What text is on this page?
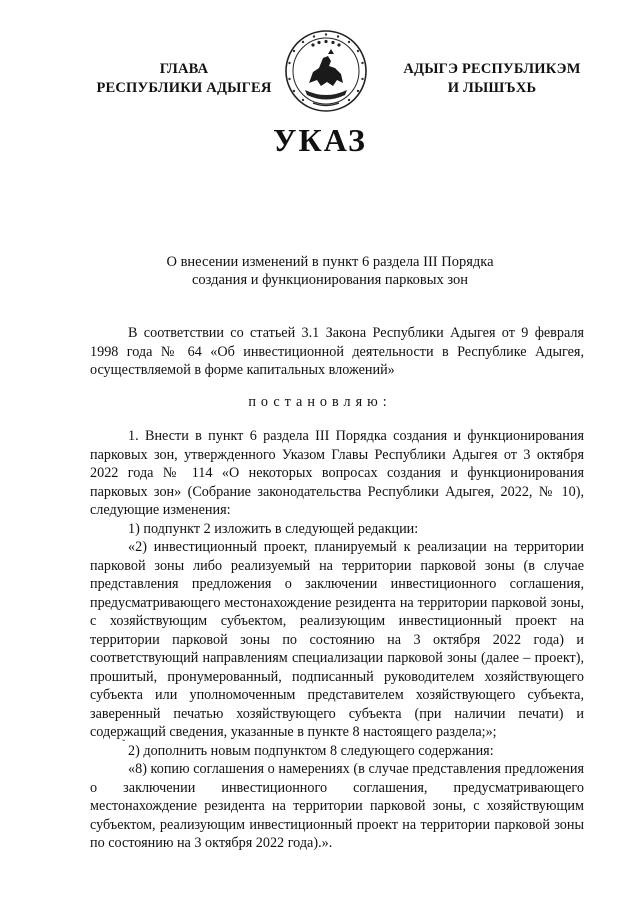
ГЛАВА
РЕСПУБЛИКИ АДЫГЕЯ
АДЫГЭ РЕСПУБЛИКЭМ
И ЛЫШЪХЬ
УКАЗ
О внесении изменений в пункт 6 раздела III Порядка
создания и функционирования парковых зон

В соответствии со статьей 3.1 Закона Республики Адыгея от 9 февраля 1998 года № 64 «Об инвестиционной деятельности в Республике Адыгея, осуществляемой в форме капитальных вложений»

постановляю:

1. Внести в пункт 6 раздела III Порядка создания и функционирования парковых зон, утвержденного Указом Главы Республики Адыгея от 3 октября 2022 года № 114 «О некоторых вопросах создания и функционирования парковых зон» (Собрание законодательства Республики Адыгея, 2022, № 10), следующие изменения:

1) подпункт 2 изложить в следующей редакции:

«2) инвестиционный проект, планируемый к реализации на территории парковой зоны либо реализуемый на территории парковой зоны (в случае представления предложения о заключении инвестиционного соглашения, предусматривающего местонахождение резидента на территории парковой зоны, с хозяйствующим субъектом, реализующим инвестиционный проект на территории парковой зоны по состоянию на 3 октября 2022 года) и соответствующий направлениям специализации парковой зоны (далее – проект), прошитый, пронумерованный, подписанный руководителем хозяйствующего субъекта или уполномоченным представителем хозяйствующего субъекта, заверенный печатью хозяйствующего субъекта (при наличии печати) и содержащий сведения, указанные в пункте 8 настоящего раздела;»;

2) дополнить новым подпунктом 8 следующего содержания:

«8) копию соглашения о намерениях (в случае представления предложения о заключении инвестиционного соглашения, предусматривающего местонахождение резидента на территории парковой зоны, с хозяйствующим субъектом, реализующим инвестиционный проект на территории парковой зоны по состоянию на 3 октября 2022 года).».

ˇ
